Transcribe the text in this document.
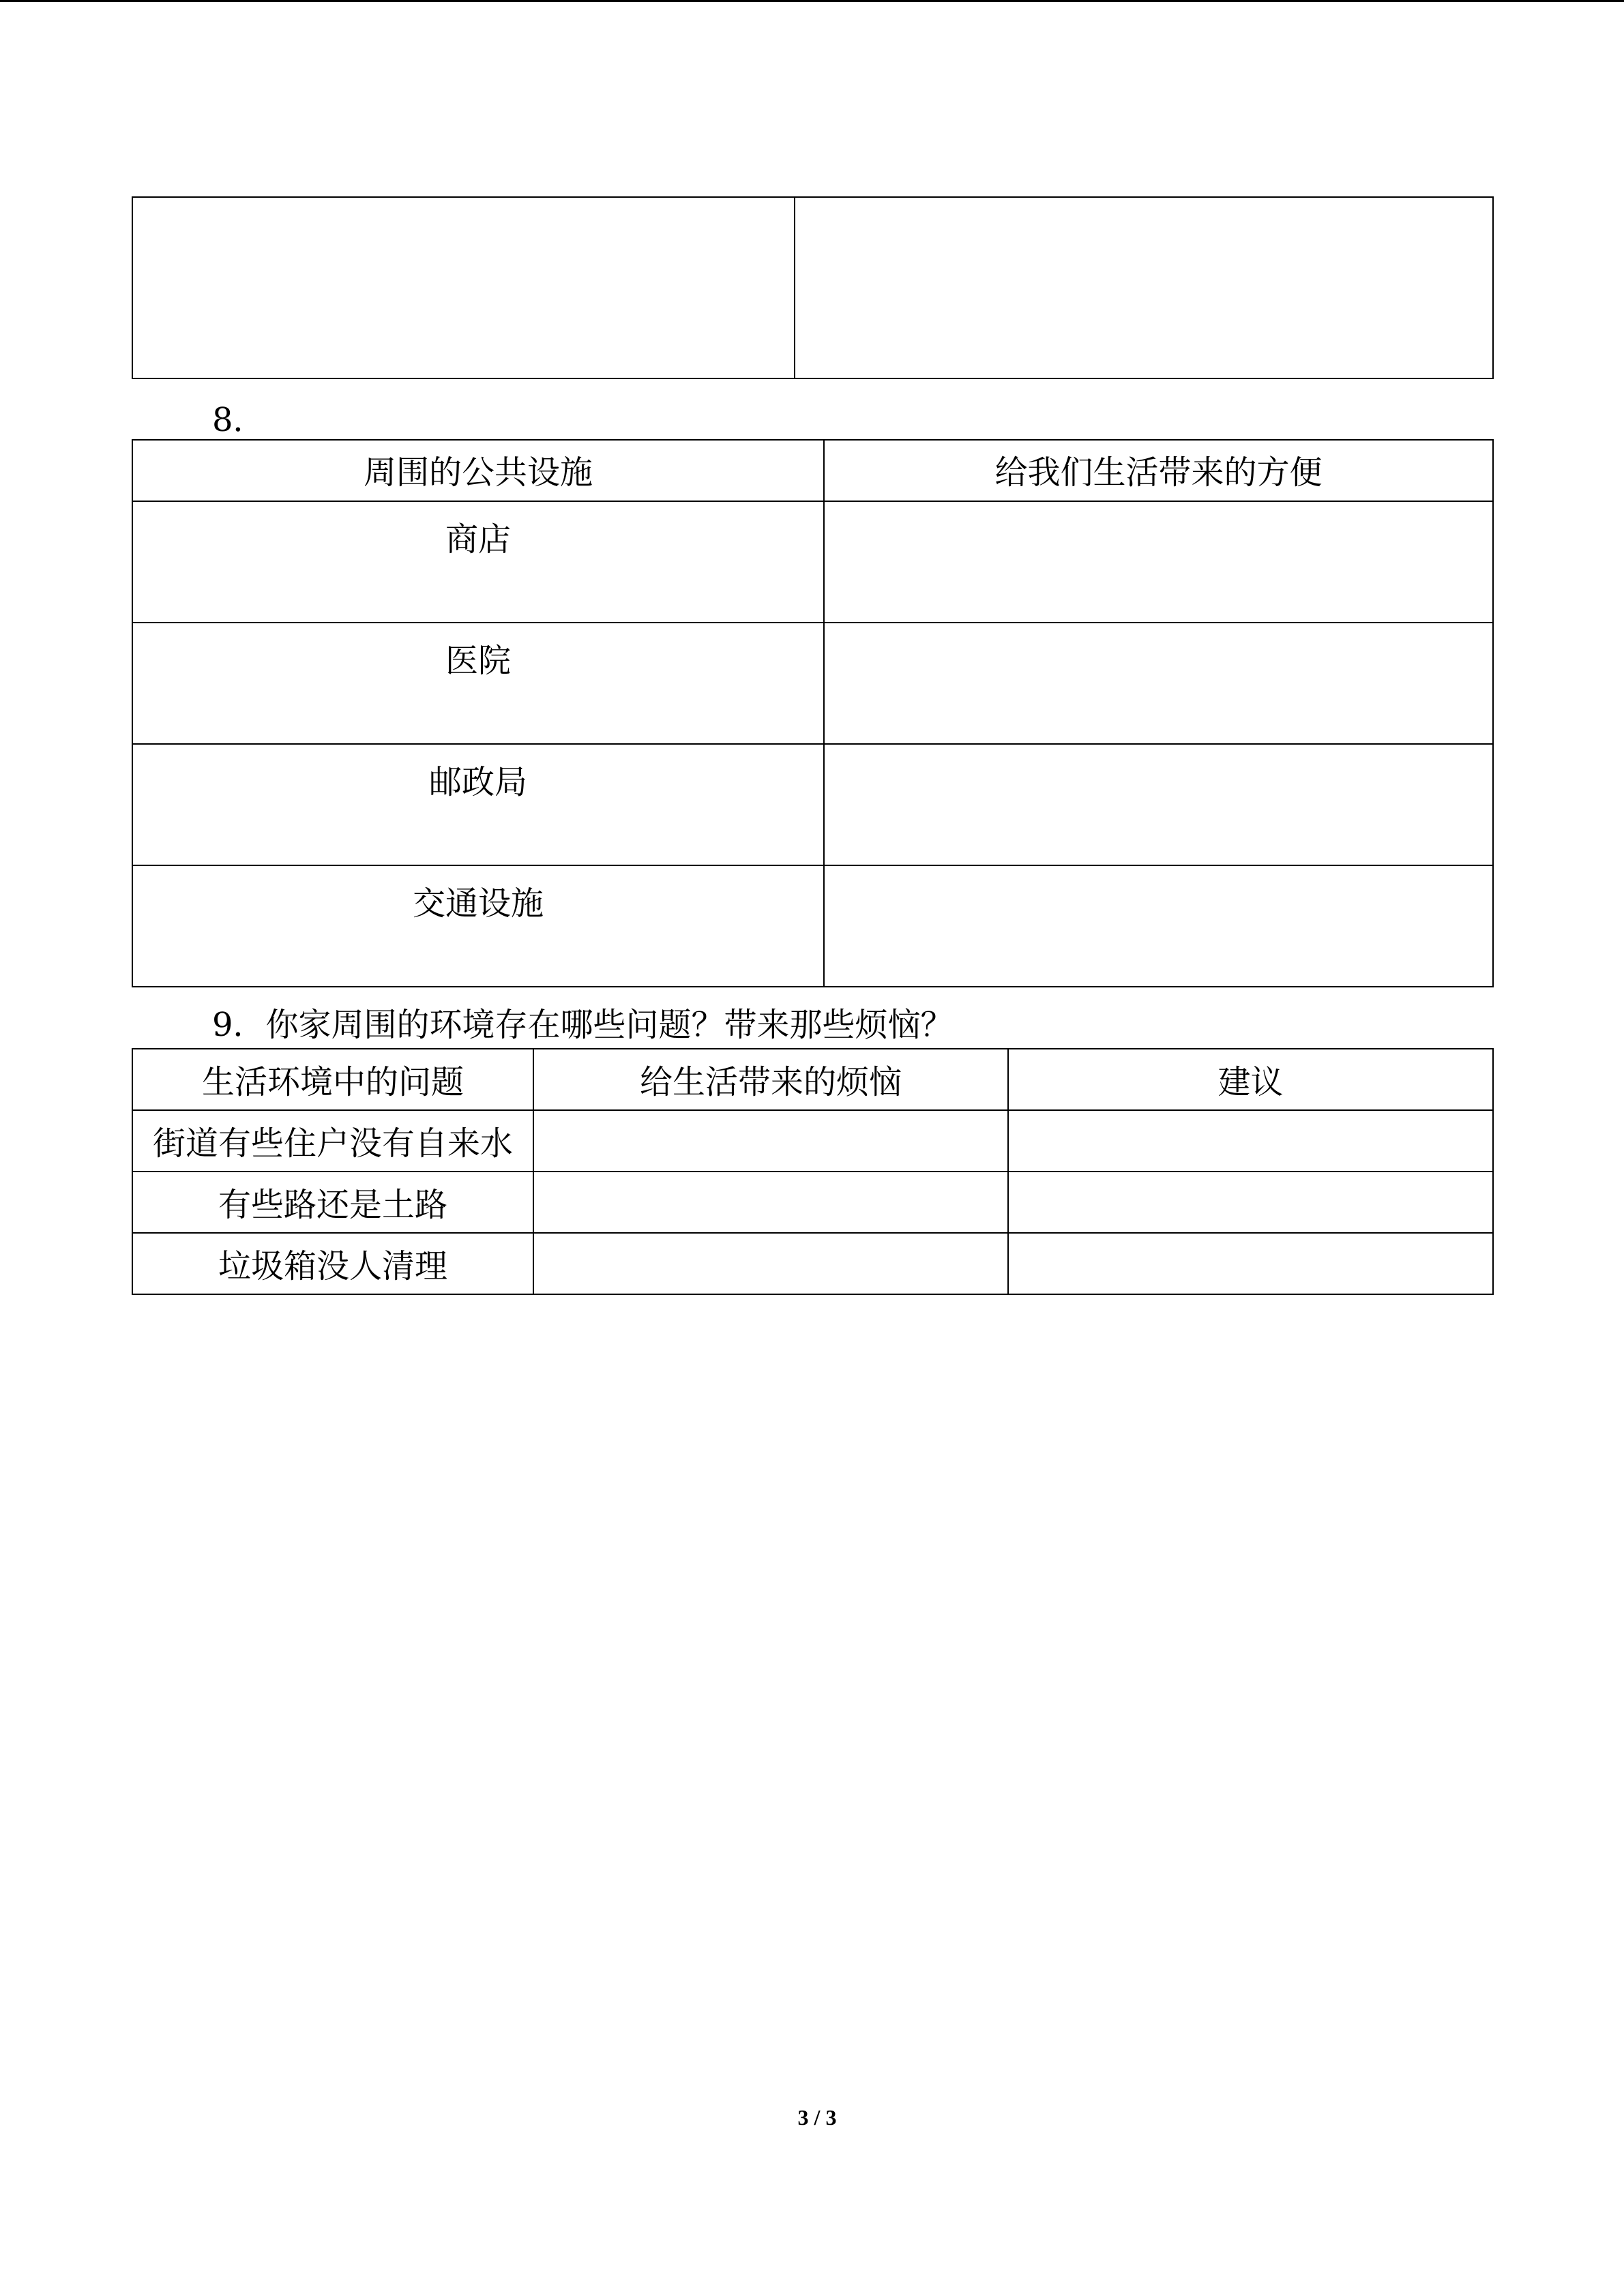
8．
周围的公共设施	给我们生活带来的方便
商店	
医院	
邮政局	
交通设施	
9．你家周围的环境存在哪些问题？带来那些烦恼？
生活环境中的问题	给生活带来的烦恼	建议
街道有些住户没有自来水		
有些路还是土路		
垃圾箱没人清理		
3 / 3
